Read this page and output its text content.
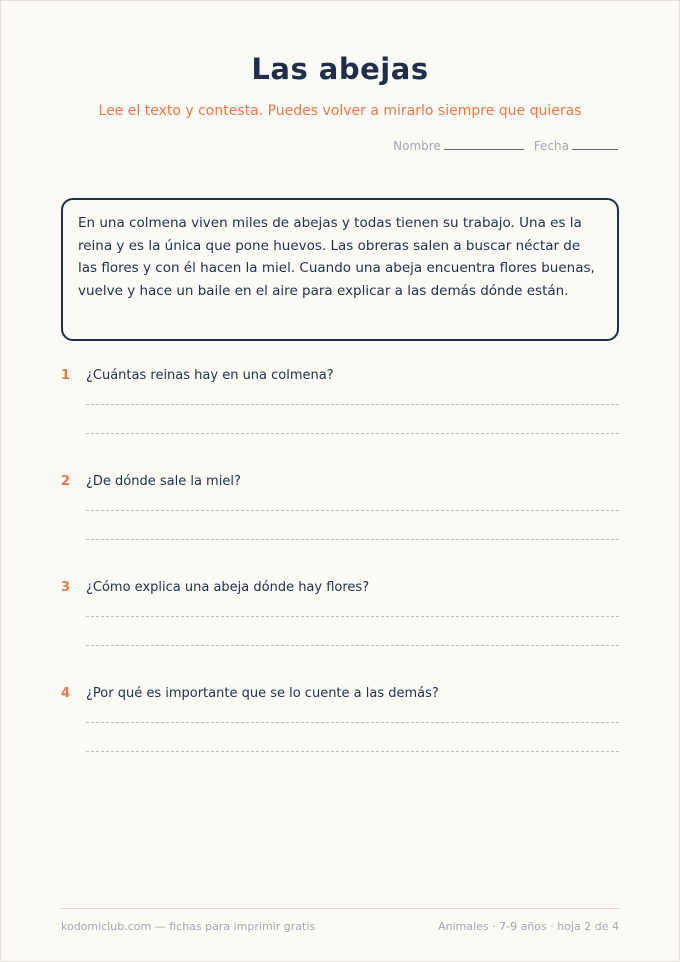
Las abejas
Lee el texto y contesta. Puedes volver a mirarlo siempre que quieras
Nombre	Fecha
En una colmena viven miles de abejas y todas tienen su trabajo. Una es la reina y es la única que pone huevos. Las obreras salen a buscar néctar de las flores y con él hacen la miel. Cuando una abeja encuentra flores buenas, vuelve y hace un baile en el aire para explicar a las demás dónde están.
1	¿Cuántas reinas hay en una colmena?
2	¿De dónde sale la miel?
3	¿Cómo explica una abeja dónde hay flores?
4	¿Por qué es importante que se lo cuente a las demás?
kodomiclub.com — fichas para imprimir gratis	Animales · 7-9 años · hoja 2 de 4
